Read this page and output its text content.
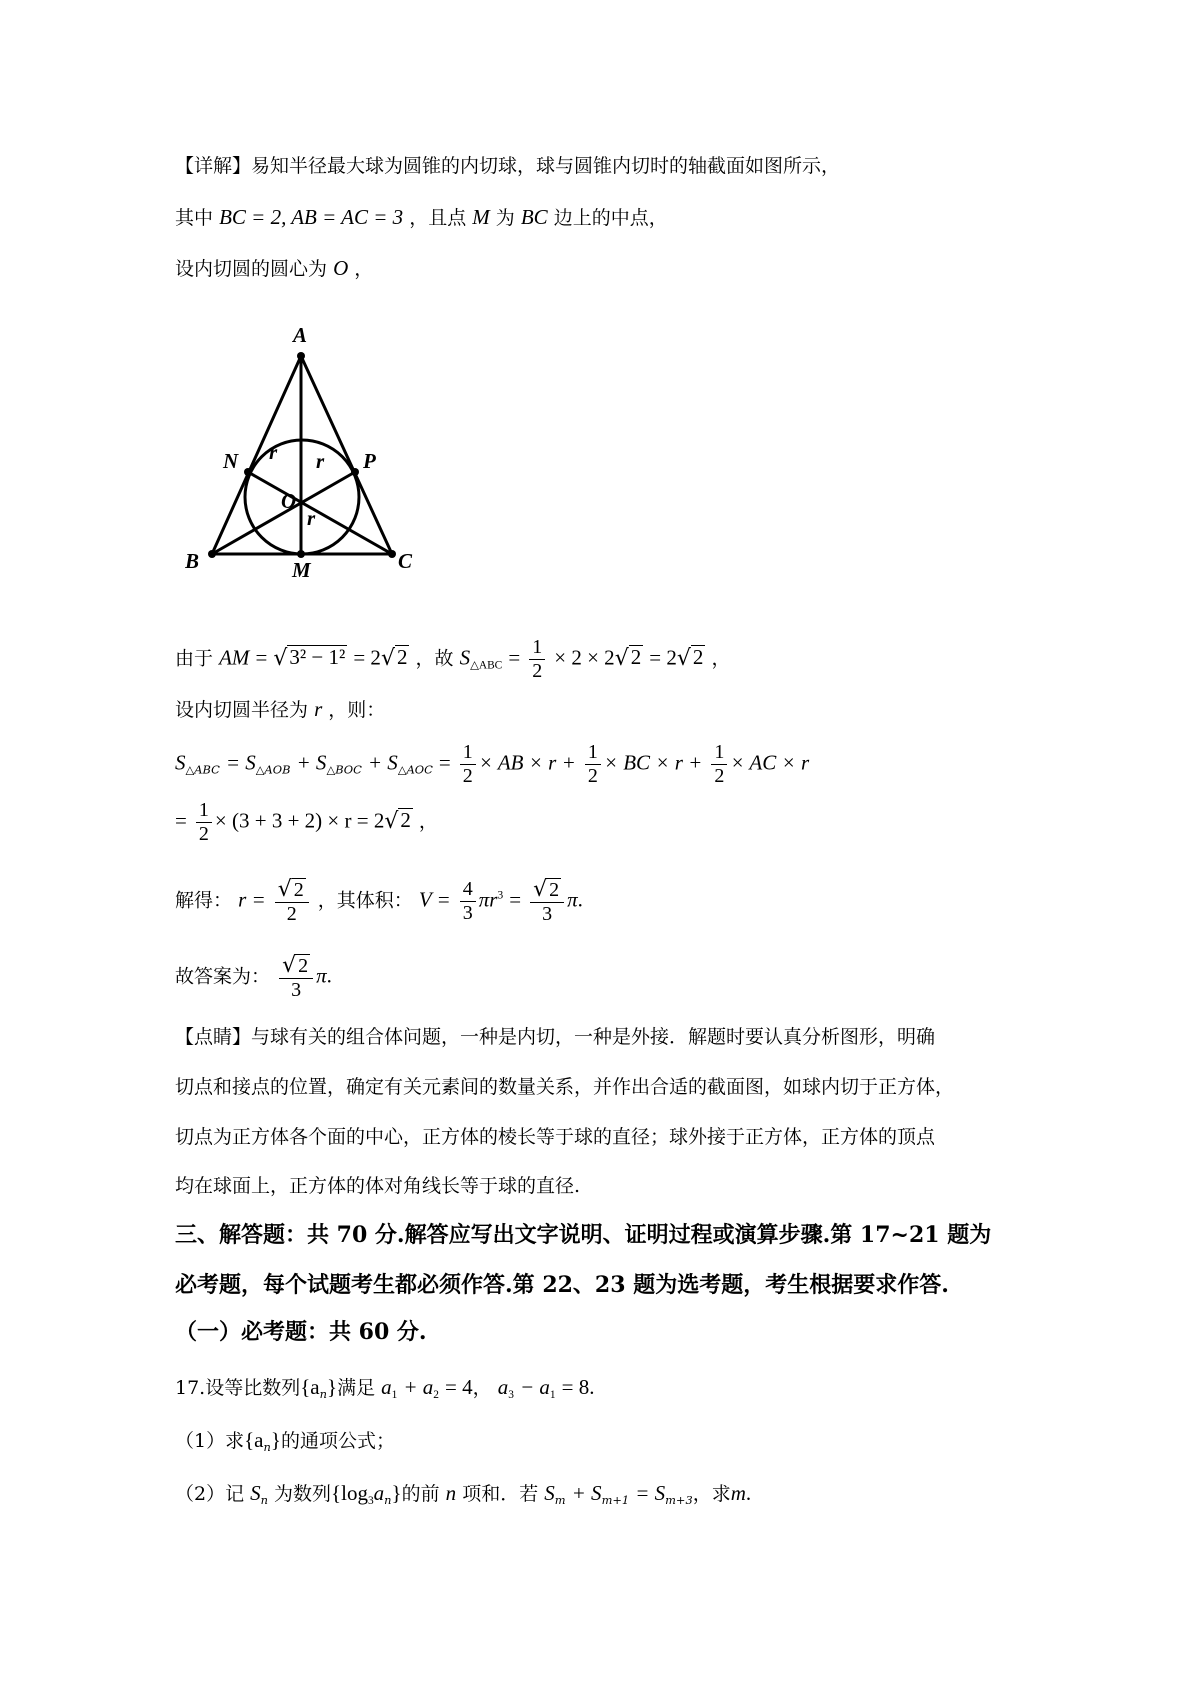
【详解】易知半径最大球为圆锥的内切球，球与圆锥内切时的轴截面如图所示，
其中 BC = 2, AB = AC = 3 ，且点 M 为 BC 边上的中点，
设内切圆的圆心为 O ，
A
B	C
M
N	P
O
r r
r
由于 AM = √ 3² − 1² = 2 √ 2 ，故 $S_{\triangle ABC} = \frac{1}{2} \times 2 \times 2$ √ 2 = 2 √ 2 ，
设内切圆半径为 r ，则：
$S_{\triangle ABC} = S_{\triangle AOB} + S_{\triangle BOC} + S_{\triangle AOC} = \frac{1}{2}$ × AB × $r + \frac{1}{2}$ × BC × $r + \frac{1}{2}$ × AC × r
= $\frac{1}{2} \times (3 + 3 + 2) \times r = 2$ √ 2 ，
解得： $r = \frac{√ 2}{2}$ ，其体积： $V = \frac{4}{3} \pi r^3 = \frac{√ 2}{3} \pi$.
故答案为： $\frac{√ 2}{3} \pi$.
【点睛】与球有关的组合体问题，一种是内切，一种是外接．解题时要认真分析图形，明确
切点和接点的位置，确定有关元素间的数量关系，并作出合适的截面图，如球内切于正方体，
切点为正方体各个面的中心，正方体的棱长等于球的直径；球外接于正方体，正方体的顶点
均在球面上，正方体的体对角线长等于球的直径.
三、解答题：共 70 分.解答应写出文字说明、证明过程或演算步骤.第 17~21 题为
必考题，每个试题考生都必须作答.第 22、23 题为选考题，考生根据要求作答.
（一）必考题：共 60 分.
17.设等比数列$\{a_n\}$满足 $a_1 + a_2 = 4$， $a_3 - a_1 = 8$.
（1）求$\{a_n\}$的通项公式；
（2）记 $S_n$ 为数列$\{\log_3a_n\}$的前 n 项和．若 $S_m + S_{m+1} = S_{m+3}$，求m.
